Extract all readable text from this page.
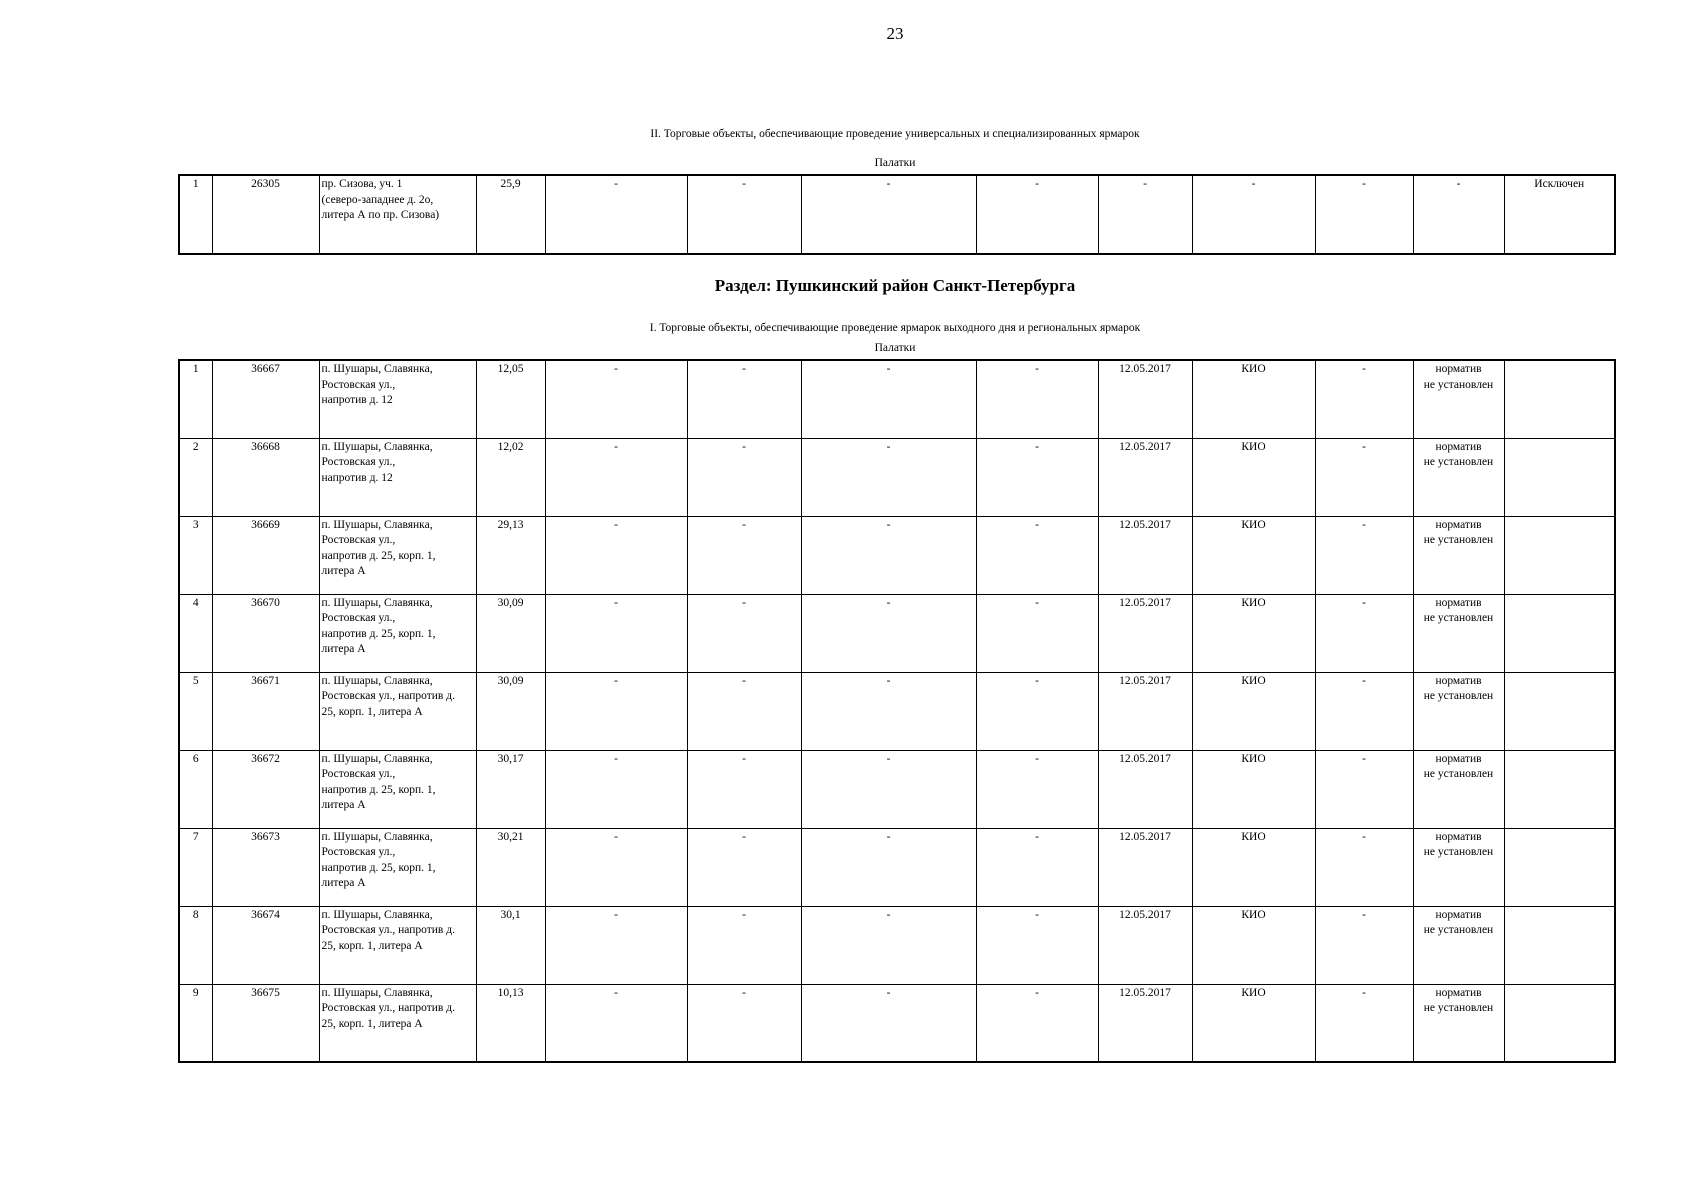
23
II. Торговые объекты, обеспечивающие проведение универсальных и специализированных ярмарок
Палатки
1	26305	пр. Сизова, уч. 1
(северо-западнее д. 2о,
литера А по пр. Сизова)	25,9	-	-	-	-	-	-	-	-	Исключен
Раздел: Пушкинский район Санкт-Петербурга
I. Торговые объекты, обеспечивающие проведение ярмарок выходного дня и региональных ярмарок
Палатки
1	36667	п. Шушары, Славянка,
Ростовская ул.,
напротив д. 12	12,05	-	-	-	-	12.05.2017	КИО	-	норматив
не установлен	
2	36668	п. Шушары, Славянка,
Ростовская ул.,
напротив д. 12	12,02	-	-	-	-	12.05.2017	КИО	-	норматив
не установлен	
3	36669	п. Шушары, Славянка,
Ростовская ул.,
напротив д. 25, корп. 1,
литера А	29,13	-	-	-	-	12.05.2017	КИО	-	норматив
не установлен	
4	36670	п. Шушары, Славянка,
Ростовская ул.,
напротив д. 25, корп. 1,
литера А	30,09	-	-	-	-	12.05.2017	КИО	-	норматив
не установлен	
5	36671	п. Шушары, Славянка,
Ростовская ул., напротив д.
25, корп. 1, литера А	30,09	-	-	-	-	12.05.2017	КИО	-	норматив
не установлен	
6	36672	п. Шушары, Славянка,
Ростовская ул.,
напротив д. 25, корп. 1,
литера А	30,17	-	-	-	-	12.05.2017	КИО	-	норматив
не установлен	
7	36673	п. Шушары, Славянка,
Ростовская ул.,
напротив д. 25, корп. 1,
литера А	30,21	-	-	-	-	12.05.2017	КИО	-	норматив
не установлен	
8	36674	п. Шушары, Славянка,
Ростовская ул., напротив д.
25, корп. 1, литера А	30,1	-	-	-	-	12.05.2017	КИО	-	норматив
не установлен	
9	36675	п. Шушары, Славянка,
Ростовская ул., напротив д.
25, корп. 1, литера А	10,13	-	-	-	-	12.05.2017	КИО	-	норматив
не установлен	
